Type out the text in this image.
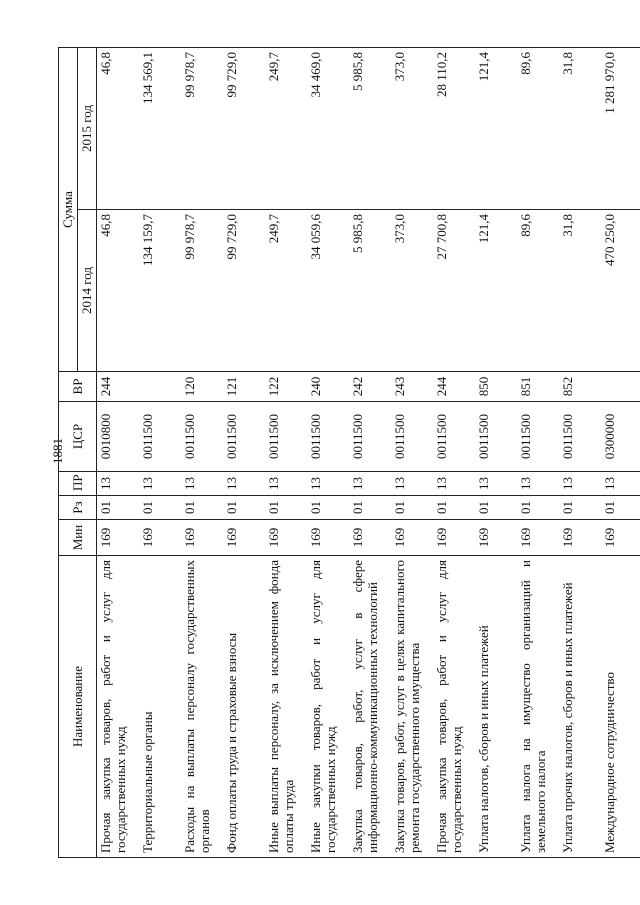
1881
Наименование	Мин	Рз	ПР	ЦСР	ВР	Сумма	
						2014 год	2015 год
Прочая закупка товаров, работ и услуг для государственных нужд	169	01	13	0010800	244	46,8	46,8
Территориальные органы	169	01	13	0011500		134 159,7	134 569,1
Расходы на выплаты персоналу государственных органов	169	01	13	0011500	120	99 978,7	99 978,7
Фонд оплаты труда и страховые взносы	169	01	13	0011500	121	99 729,0	99 729,0
Иные выплаты персоналу, за исключением фонда оплаты труда	169	01	13	0011500	122	249,7	249,7
Иные закупки товаров, работ и услуг для государственных нужд	169	01	13	0011500	240	34 059,6	34 469,0
Закупка товаров, работ, услуг в сфере информационно-коммуникационных технологий	169	01	13	0011500	242	5 985,8	5 985,8
Закупка товаров, работ, услуг в целях капитального ремонта государственного имущества	169	01	13	0011500	243	373,0	373,0
Прочая закупка товаров, работ и услуг для государственных нужд	169	01	13	0011500	244	27 700,8	28 110,2
Уплата налогов, сборов и иных платежей	169	01	13	0011500	850	121,4	121,4
Уплата налога на имущество организаций и земельного налога	169	01	13	0011500	851	89,6	89,6
Уплата прочих налогов, сборов и иных платежей	169	01	13	0011500	852	31,8	31,8
Международное сотрудничество	169	01	13	0300000		470 250,0	1 281 970,0
